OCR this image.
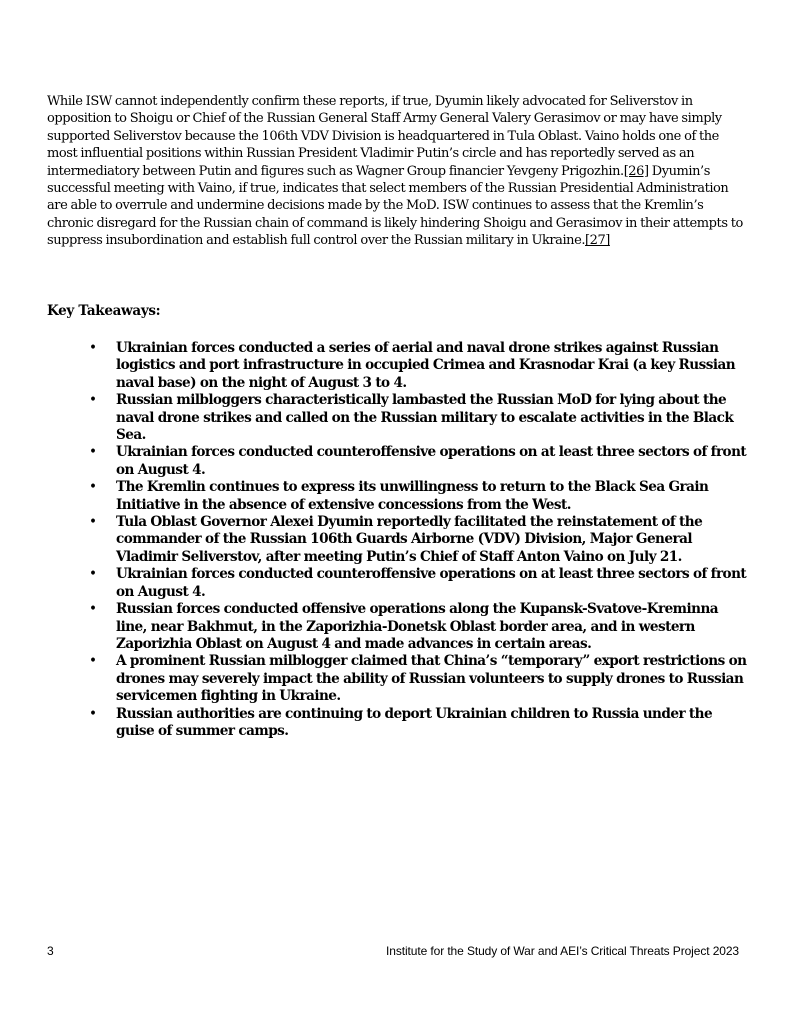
While ISW cannot independently confirm these reports, if true, Dyumin likely advocated for Seliverstov in opposition to Shoigu or Chief of the Russian General Staff Army General Valery Gerasimov or may have simply supported Seliverstov because the 106th VDV Division is headquartered in Tula Oblast. Vaino holds one of the most influential positions within Russian President Vladimir Putin’s circle and has reportedly served as an intermediatory between Putin and figures such as Wagner Group financier Yevgeny Prigozhin.[26] Dyumin’s successful meeting with Vaino, if true, indicates that select members of the Russian Presidential Administration are able to overrule and undermine decisions made by the MoD. ISW continues to assess that the Kremlin’s chronic disregard for the Russian chain of command is likely hindering Shoigu and Gerasimov in their attempts to suppress insubordination and establish full control over the Russian military in Ukraine.[27]

Key Takeaways:

• Ukrainian forces conducted a series of aerial and naval drone strikes against Russian logistics and port infrastructure in occupied Crimea and Krasnodar Krai (a key Russian naval base) on the night of August 3 to 4.
• Russian milbloggers characteristically lambasted the Russian MoD for lying about the naval drone strikes and called on the Russian military to escalate activities in the Black Sea.
• Ukrainian forces conducted counteroffensive operations on at least three sectors of front on August 4.
• The Kremlin continues to express its unwillingness to return to the Black Sea Grain Initiative in the absence of extensive concessions from the West.
• Tula Oblast Governor Alexei Dyumin reportedly facilitated the reinstatement of the commander of the Russian 106th Guards Airborne (VDV) Division, Major General Vladimir Seliverstov, after meeting Putin’s Chief of Staff Anton Vaino on July 21.
• Ukrainian forces conducted counteroffensive operations on at least three sectors of front on August 4.
• Russian forces conducted offensive operations along the Kupansk-Svatove-Kreminna line, near Bakhmut, in the Zaporizhia-Donetsk Oblast border area, and in western Zaporizhia Oblast on August 4 and made advances in certain areas.
• A prominent Russian milblogger claimed that China’s “temporary” export restrictions on drones may severely impact the ability of Russian volunteers to supply drones to Russian servicemen fighting in Ukraine.
• Russian authorities are continuing to deport Ukrainian children to Russia under the guise of summer camps.
3	Institute for the Study of War and AEI’s Critical Threats Project 2023
